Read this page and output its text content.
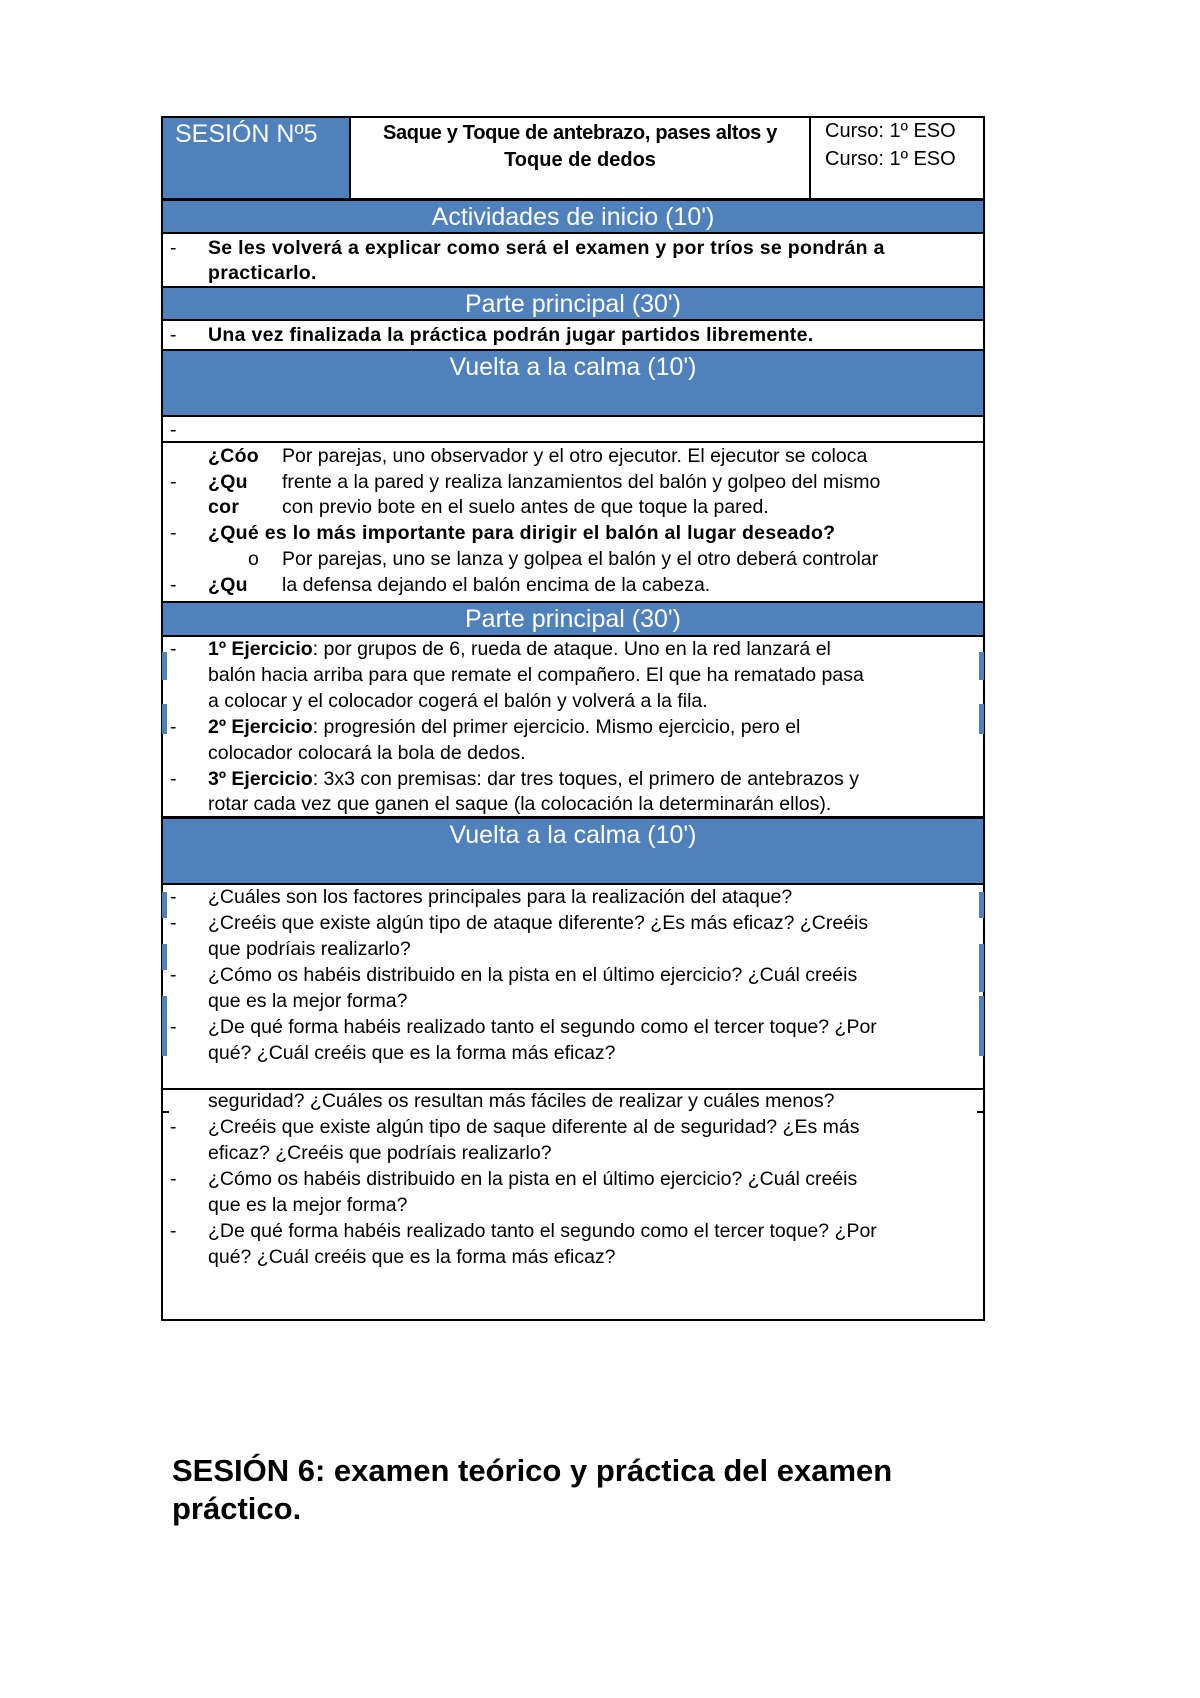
SESIÓN Nº5	Saque y Toque de antebrazo, pases altos y
Toque de dedos
Curso: 1º ESO
Curso: 1º ESO
Actividades de inicio (10')
- Se les volverá a explicar como será el examen y por tríos se pondrán a
practicarlo.
Parte principal (30')
- Una vez finalizada la práctica podrán jugar partidos libremente.
Vuelta a la calma (10')
-
¿Cóo
- ¿Qu
cor
Por parejas, uno observador y el otro ejecutor. El ejecutor se coloca
frente a la pared y realiza lanzamientos del balón y golpeo del mismo
con previo bote en el suelo antes de que toque la pared.
- ¿Qué es lo más importante para dirigir el balón al lugar deseado?
o Por parejas, uno se lanza y golpea el balón y el otro deberá controlar
- ¿Qu la defensa dejando el balón encima de la cabeza.
Parte principal (30')
- 1º Ejercicio: por grupos de 6, rueda de ataque. Uno en la red lanzará el
balón hacia arriba para que remate el compañero. El que ha rematado pasa
a colocar y el colocador cogerá el balón y volverá a la fila.
- 2º Ejercicio: progresión del primer ejercicio. Mismo ejercicio, pero el
colocador colocará la bola de dedos.
- 3º Ejercicio: 3x3 con premisas: dar tres toques, el primero de antebrazos y
rotar cada vez que ganen el saque (la colocación la determinarán ellos).
Vuelta a la calma (10')
- ¿Cuáles son los factores principales para la realización del ataque?
- ¿Creéis que existe algún tipo de ataque diferente? ¿Es más eficaz? ¿Creéis
que podríais realizarlo?
- ¿Cómo os habéis distribuido en la pista en el último ejercicio? ¿Cuál creéis
que es la mejor forma?
- ¿De qué forma habéis realizado tanto el segundo como el tercer toque? ¿Por
qué? ¿Cuál creéis que es la forma más eficaz?
seguridad? ¿Cuáles os resultan más fáciles de realizar y cuáles menos?
- ¿Creéis que existe algún tipo de saque diferente al de seguridad? ¿Es más
eficaz? ¿Creéis que podríais realizarlo?
- ¿Cómo os habéis distribuido en la pista en el último ejercicio? ¿Cuál creéis
que es la mejor forma?
- ¿De qué forma habéis realizado tanto el segundo como el tercer toque? ¿Por
qué? ¿Cuál creéis que es la forma más eficaz?
SESIÓN 6: examen teórico y práctica del examen
práctico.
